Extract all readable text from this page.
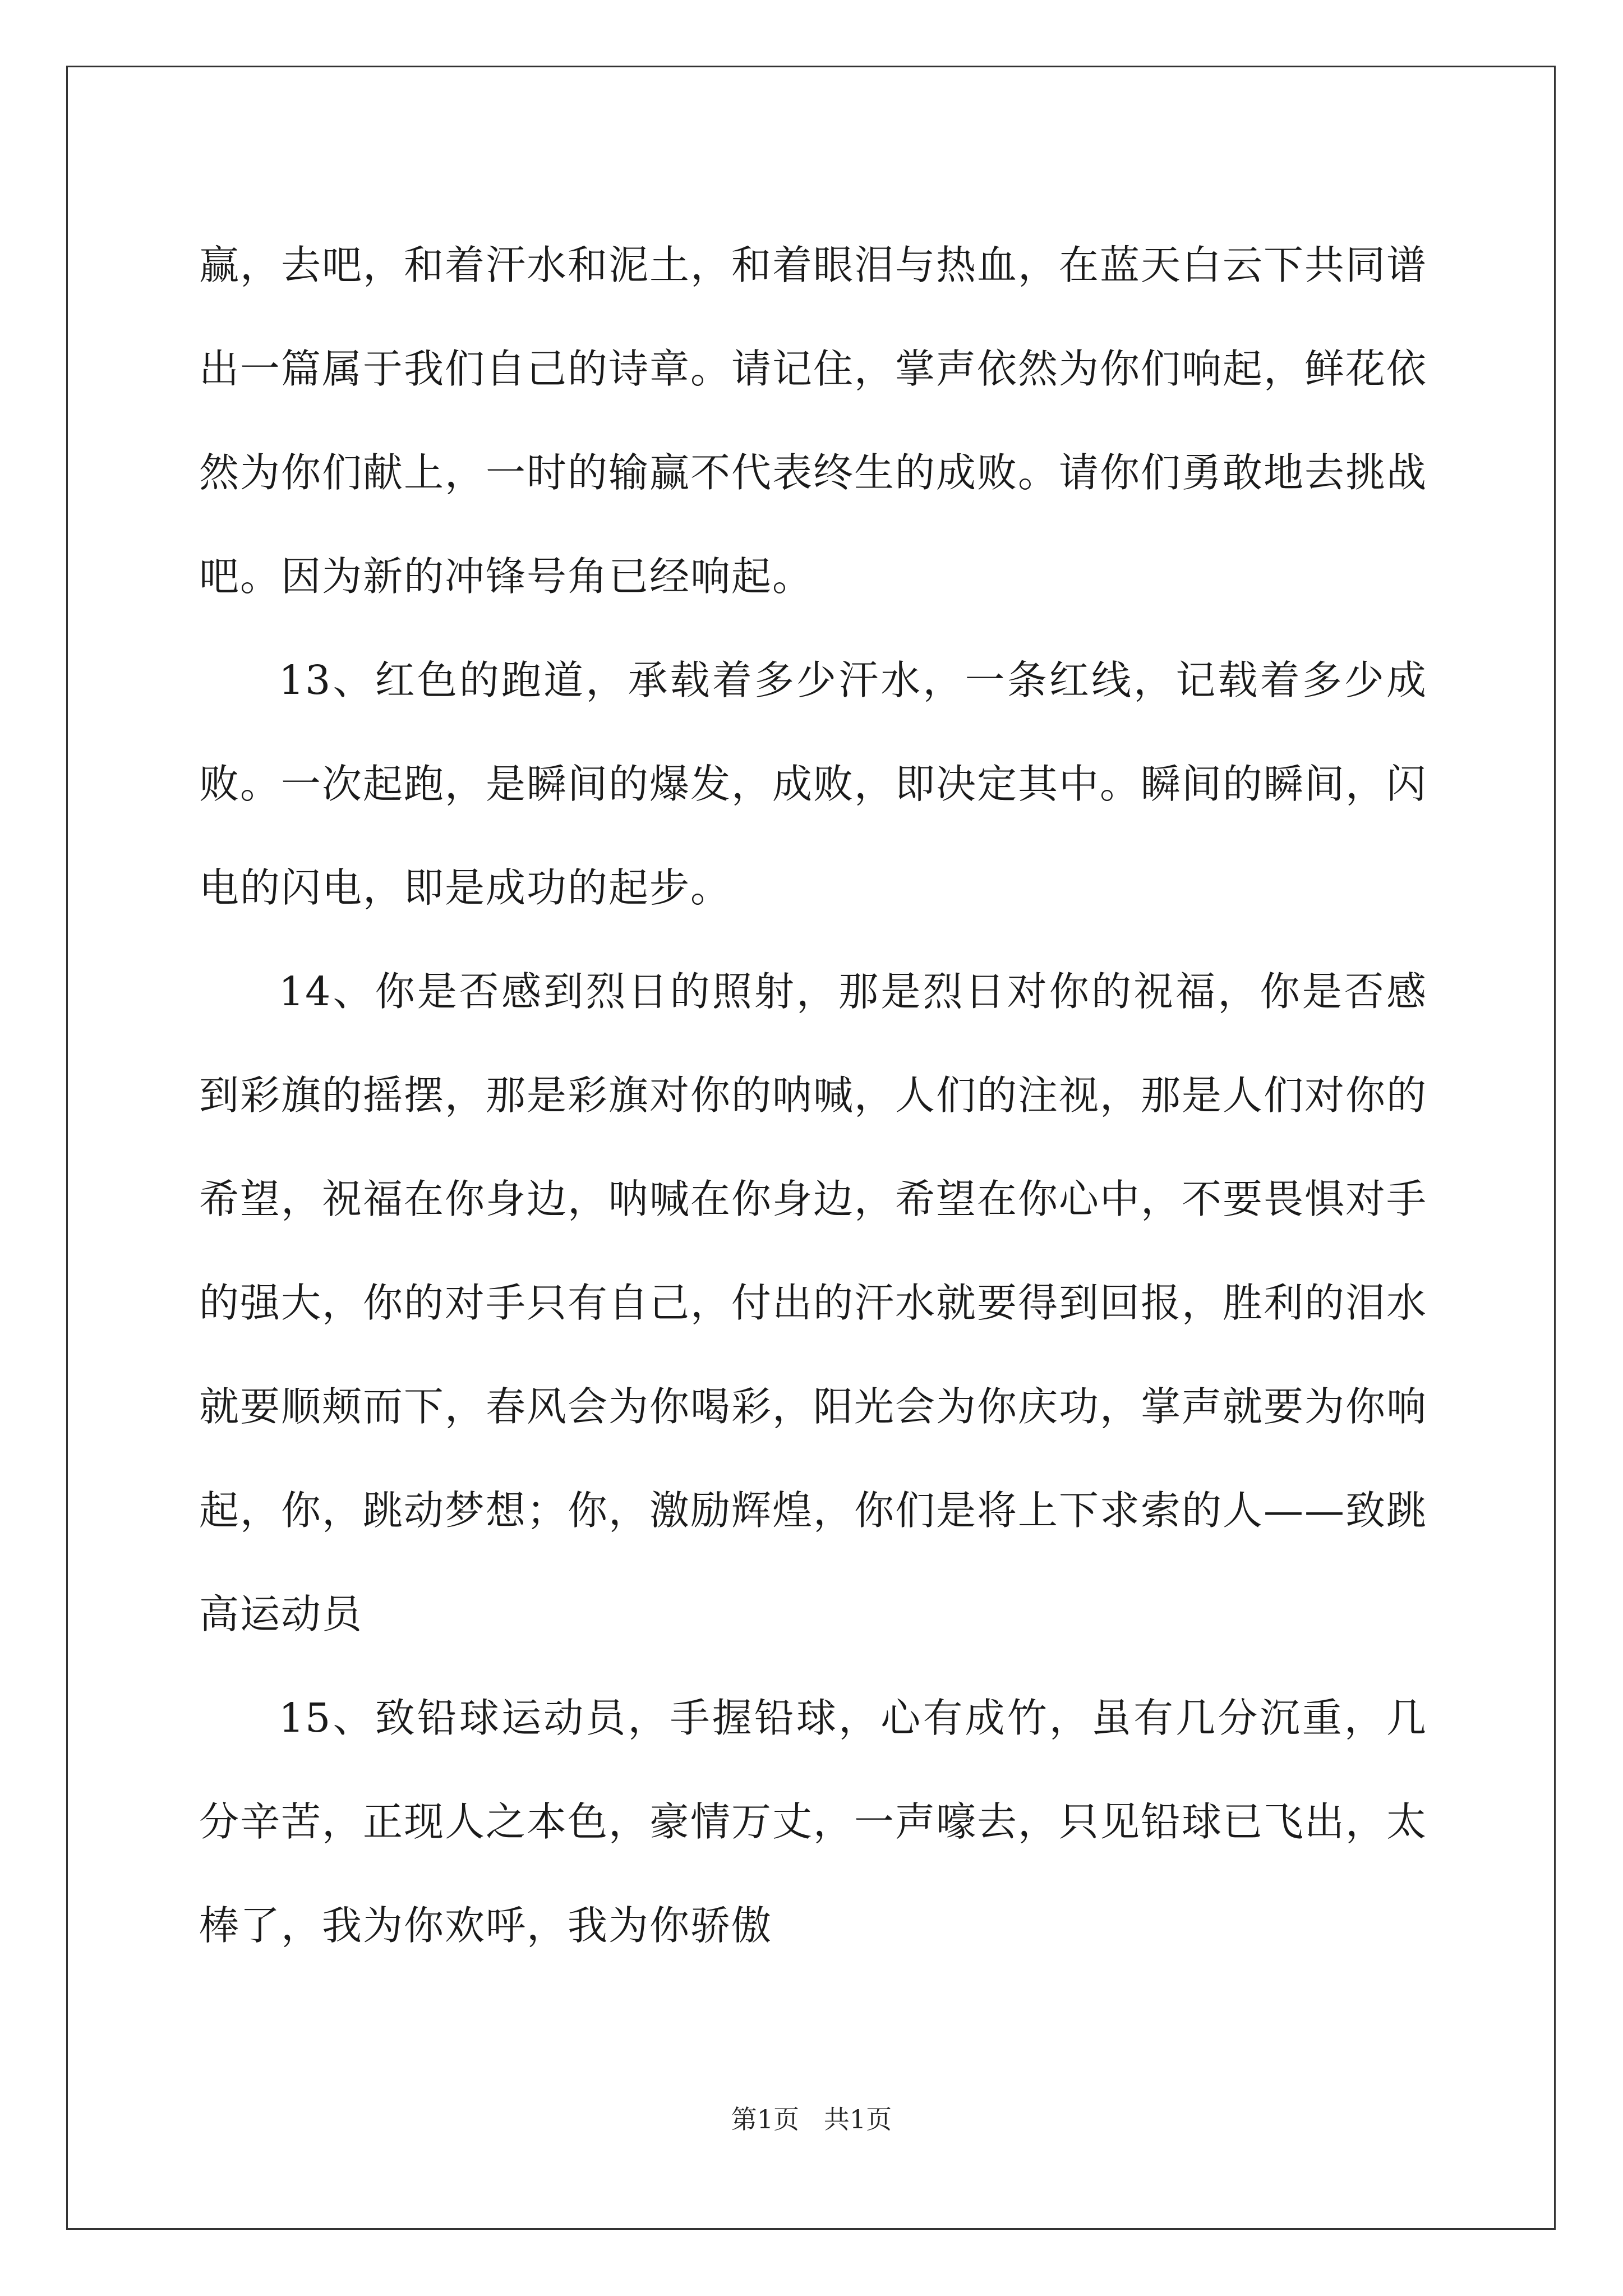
赢，去吧，和着汗水和泥土，和着眼泪与热血，在蓝天白云下共同谱出一篇属于我们自己的诗章。请记住，掌声依然为你们响起，鲜花依然为你们献上，一时的输赢不代表终生的成败。请你们勇敢地去挑战吧。因为新的冲锋号角已经响起。

13、红色的跑道，承载着多少汗水，一条红线，记载着多少成败。一次起跑，是瞬间的爆发，成败，即决定其中。瞬间的瞬间，闪电的闪电，即是成功的起步。

14、你是否感到烈日的照射，那是烈日对你的祝福，你是否感到彩旗的摇摆，那是彩旗对你的呐喊，人们的注视，那是人们对你的希望，祝福在你身边，呐喊在你身边，希望在你心中，不要畏惧对手的强大，你的对手只有自己，付出的汗水就要得到回报，胜利的泪水就要顺颊而下，春风会为你喝彩，阳光会为你庆功，掌声就要为你响起，你，跳动梦想；你，激励辉煌，你们是将上下求索的人——致跳高运动员

15、致铅球运动员，手握铅球，心有成竹，虽有几分沉重，几分辛苦，正现人之本色，豪情万丈，一声嚎去，只见铅球已飞出，太棒了，我为你欢呼，我为你骄傲

第1页   共1页
